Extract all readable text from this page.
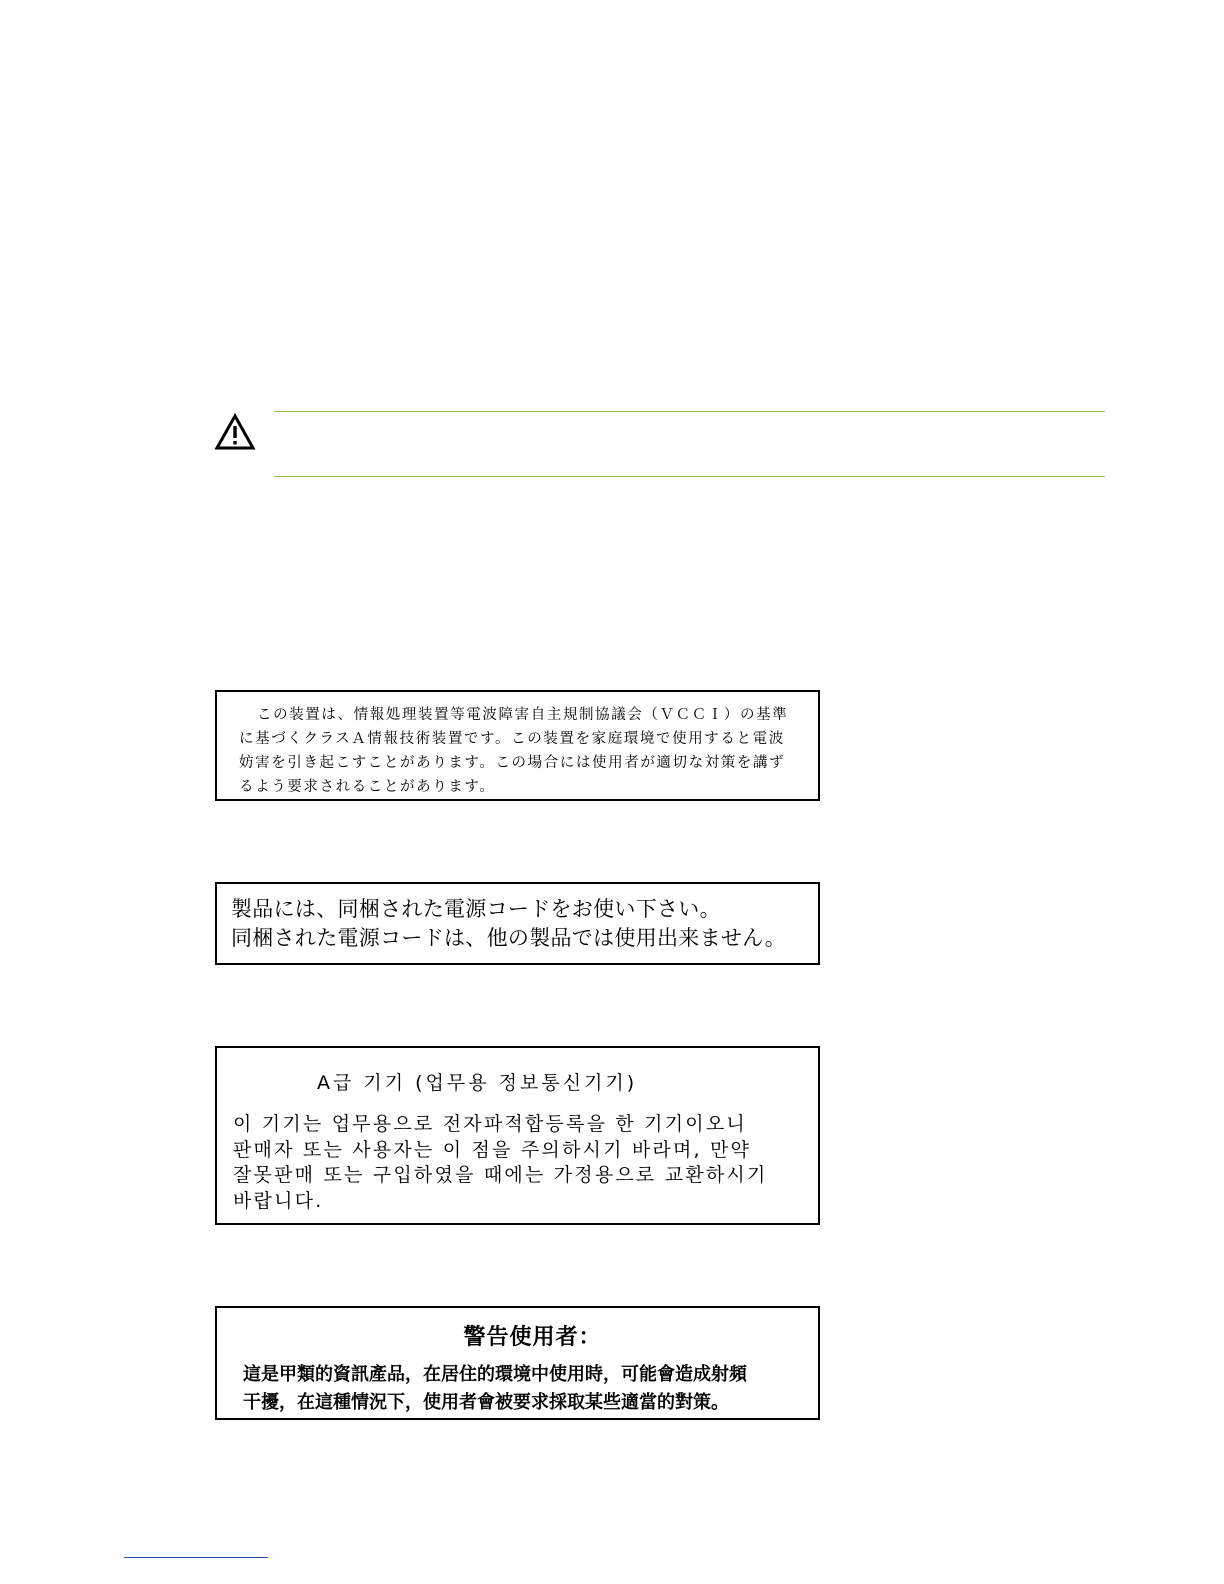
この装置は、情報処理装置等電波障害自主規制協議会（ＶＣＣＩ）の基準

に基づくクラスＡ情報技術装置です。この装置を家庭環境で使用すると電波

妨害を引き起こすことがあります。この場合には使用者が適切な対策を講ず

るよう要求されることがあります。

製品には、同梱された電源コードをお使い下さい。

同梱された電源コードは、他の製品では使用出来ません。

A급 기기 (업무용 정보통신기기)
이 기기는 업무용으로 전자파적합등록을 한 기기이오니
판매자 또는 사용자는 이 점을 주의하시기 바라며, 만약
잘못판매 또는 구입하였을 때에는 가정용으로 교환하시기
바랍니다.
警告使用者：
這是甲類的資訊產品，在居住的環境中使用時，可能會造成射頻
干擾，在這種情況下，使用者會被要求採取某些適當的對策。
